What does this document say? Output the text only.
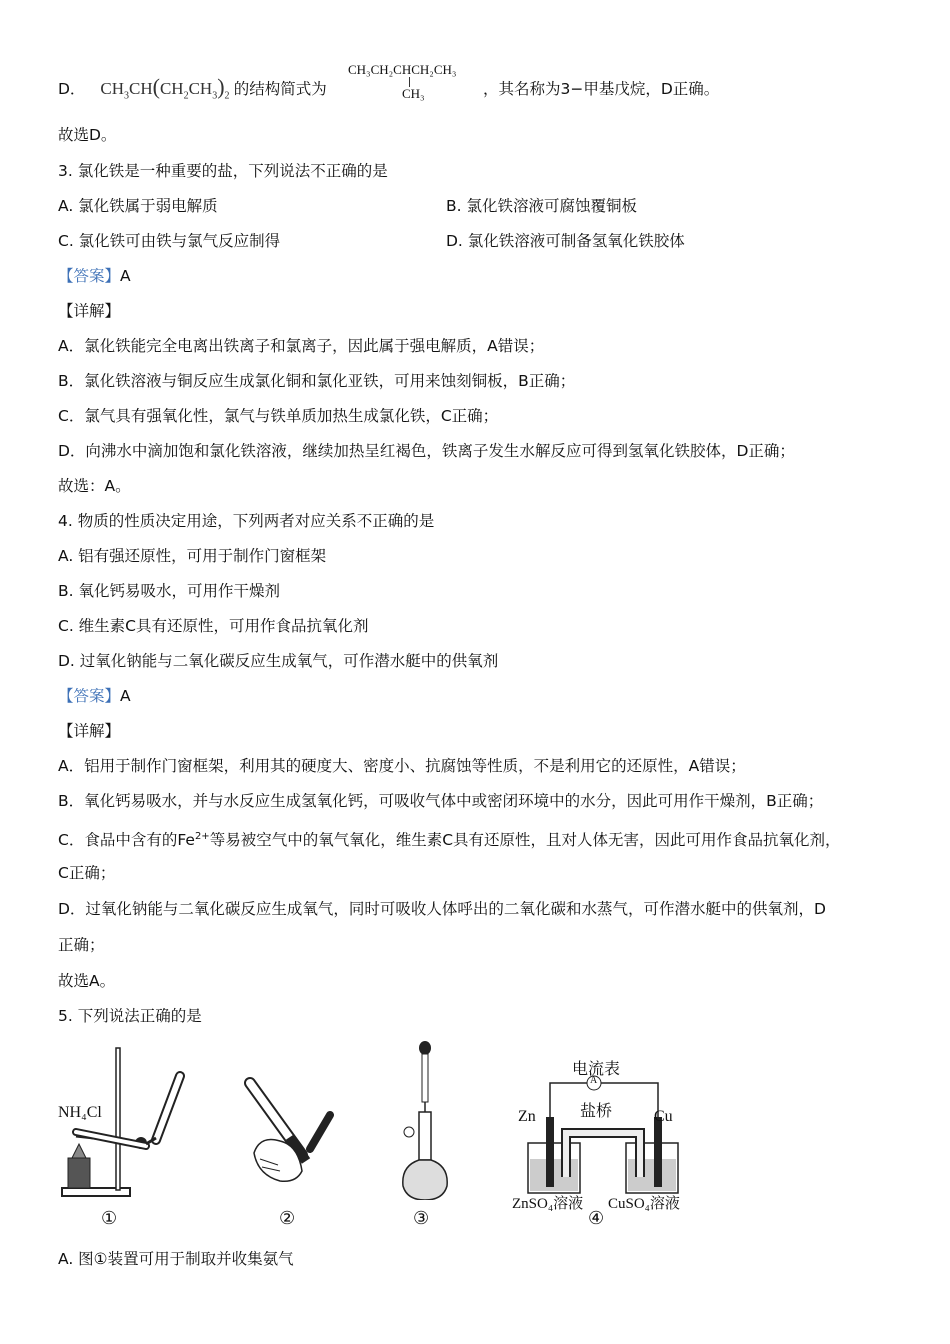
D． $CH_3CH(CH_2CH_3)_2$ 的结构简式为
CH₃CH₂CHCH₂CH₃
CH₃	，其名称为3−甲基戊烷，D正确。
故选D。
3. 氯化铁是一种重要的盐，下列说法不正确的是
A. 氯化铁属于弱电解质	B. 氯化铁溶液可腐蚀覆铜板
C. 氯化铁可由铁与氯气反应制得	D. 氯化铁溶液可制备氢氧化铁胶体
【答案】A
【详解】
A．氯化铁能完全电离出铁离子和氯离子，因此属于强电解质，A错误；
B．氯化铁溶液与铜反应生成氯化铜和氯化亚铁，可用来蚀刻铜板，B正确；
C．氯气具有强氧化性，氯气与铁单质加热生成氯化铁，C正确；
D．向沸水中滴加饱和氯化铁溶液，继续加热呈红褐色，铁离子发生水解反应可得到氢氧化铁胶体，D正确；
故选：A。
4. 物质的性质决定用途，下列两者对应关系不正确的是
A. 铝有强还原性，可用于制作门窗框架
B. 氧化钙易吸水，可用作干燥剂
C. 维生素C具有还原性，可用作食品抗氧化剂
D. 过氧化钠能与二氧化碳反应生成氧气，可作潜水艇中的供氧剂
【答案】A
【详解】
A．铝用于制作门窗框架，利用其的硬度大、密度小、抗腐蚀等性质，不是利用它的还原性，A错误；
B．氧化钙易吸水，并与水反应生成氢氧化钙，可吸收气体中或密闭环境中的水分，因此可用作干燥剂，B正确；
C．食品中含有的$Fe^{2+}$等易被空气中的氧气氧化，维生素C具有还原性，且对人体无害，因此可用作食品抗氧化剂，
C正确；
D．过氧化钠能与二氧化碳反应生成氧气，同时可吸收人体呼出的二氧化碳和水蒸气，可作潜水艇中的供氧剂，D
正确；
故选A。
5. 下列说法正确的是
NH₄Cl
①	②	③
A
电流表
盐桥
Zn	Cu
ZnSO₄溶液 CuSO₄溶液
④
A. 图①装置可用于制取并收集氨气
